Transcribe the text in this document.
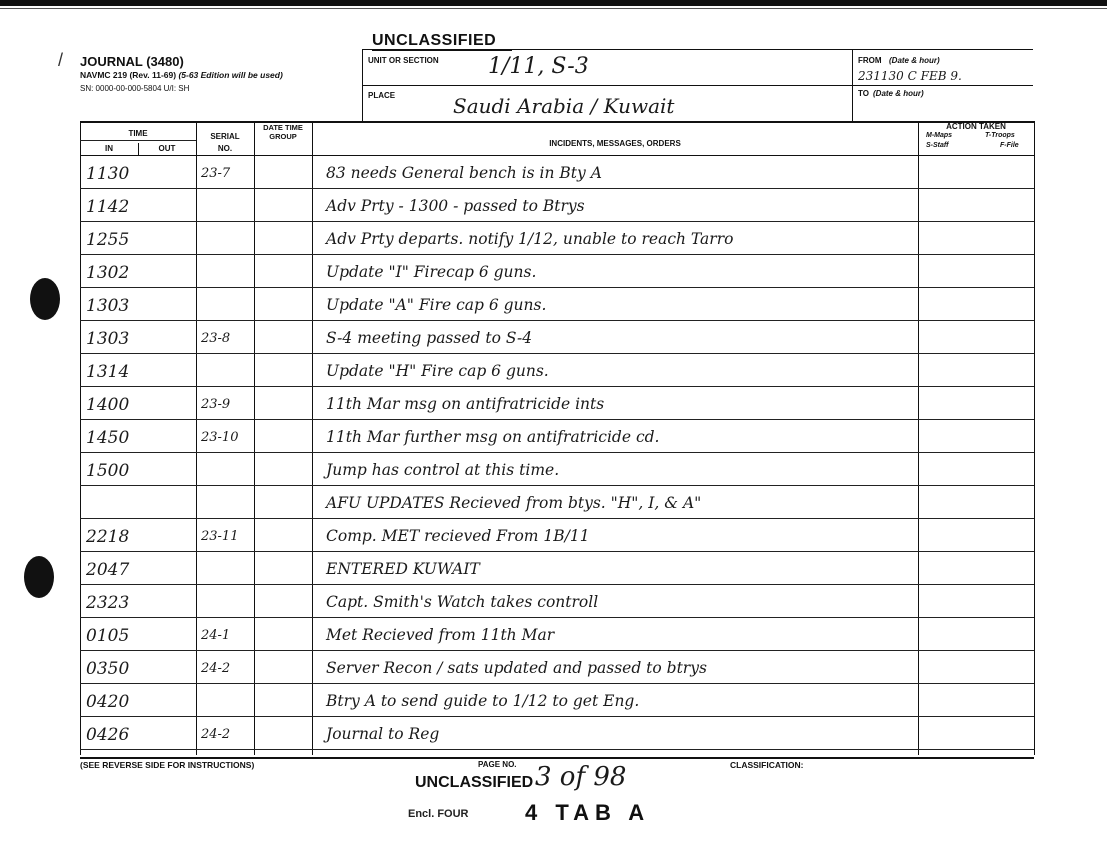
UNCLASSIFIED
/ JOURNAL (3480)
NAVMC 219 (Rev. 11-69) (5-63 Edition will be used)
SN: 0000-00-000-5804 U/I: SH
UNIT OR SECTION 1/11, S-3
PLACE	Saudi Arabia / Kuwait
FROM (Date & hour)
231130 C FEB 9.
TO (Date & hour)
TIME
IN	OUT
SERIAL
NO.
DATE TIME GROUP
INCIDENTS, MESSAGES, ORDERS
ACTION TAKEN
M-Maps	T-Troops
S-Staff	F-File
1130	23-7	83 needs General bench is in Bty A
1142	Adv Prty - 1300 - passed to Btrys
1255	Adv Prty departs. notify 1/12, unable to reach Tarro
1302	Update "I" Firecap 6 guns.
1303	Update "A" Fire cap 6 guns.
1303	23-8	S-4 meeting passed to S-4
1314	Update "H" Fire cap 6 guns.
1400	23-9	11th Mar msg on antifratricide ints
1450	23-10	11th Mar further msg on antifratricide cd.
1500	Jump has control at this time.
AFU UPDATES Recieved from btys. "H", I, & A"
2218	23-11	Comp. MET recieved From 1B/11
2047	ENTERED KUWAIT
2323	Capt. Smith's Watch takes controll
0105	24-1	Met Recieved from 11th Mar
0350	24-2	Server Recon / sats updated and passed to btrys
0420	Btry A to send guide to 1/12 to get Eng.
0426	24-2	Journal to Reg
(SEE REVERSE SIDE FOR INSTRUCTIONS)	PAGE NO.	CLASSIFICATION:
UNCLASSIFIED 3 of 98
Encl. FOUR	4 TAB A
